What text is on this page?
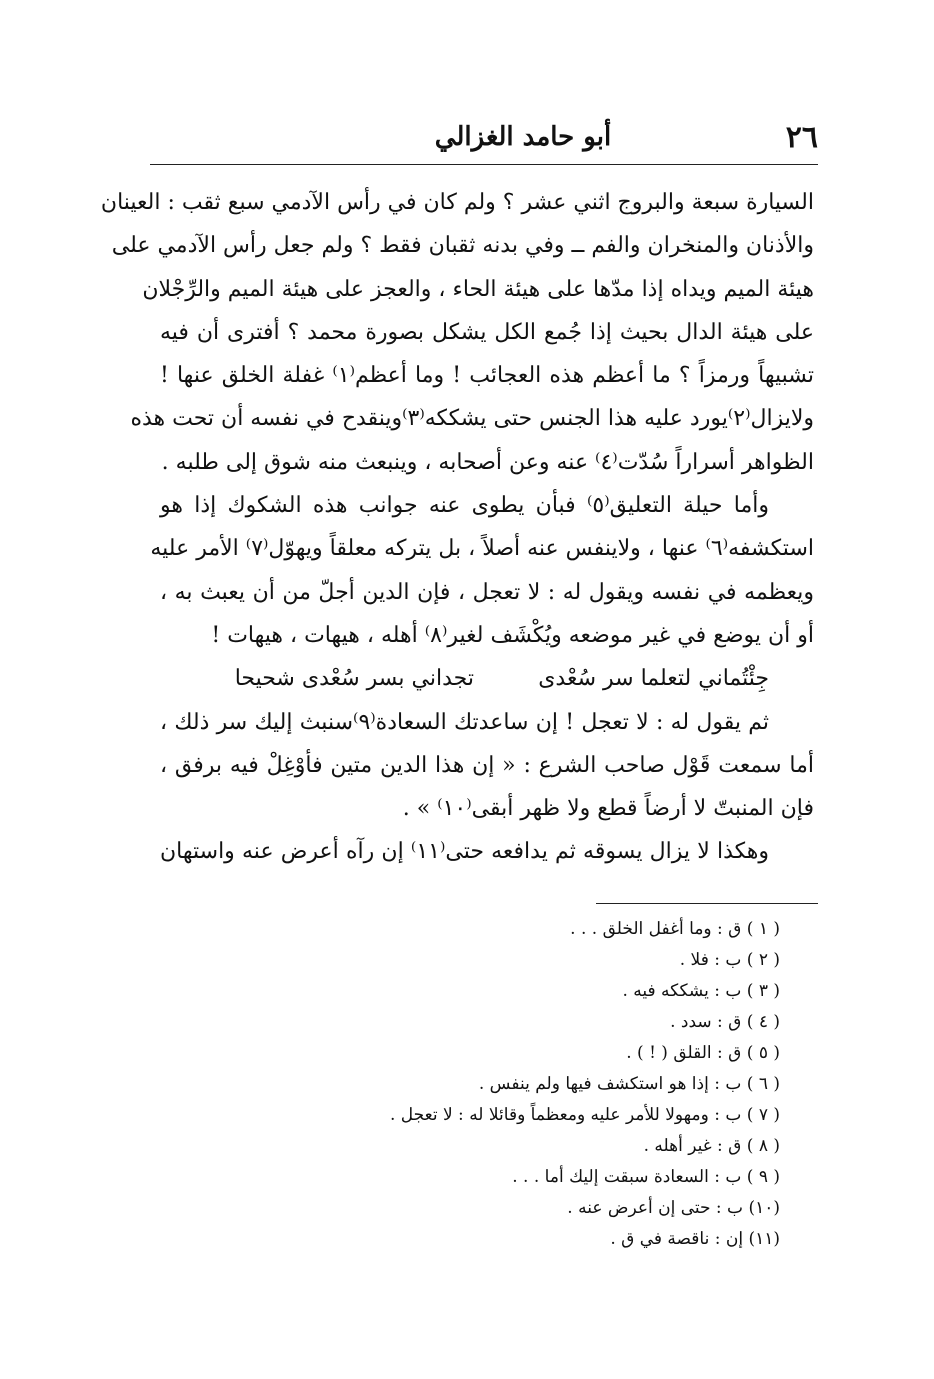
٢٦
أبو حامد الغزالي
السيارة سبعة والبروج اثني عشر ؟ ولم كان في رأس الآدمي سبع ثقب : العينان
والأذنان والمنخران والفم ــ وفي بدنه ثقبان فقط ؟ ولم جعل رأس الآدمي على
هيئة الميم ويداه إذا مدّها على هيئة الحاء ، والعجز على هيئة الميم والرِّجْلان
على هيئة الدال بحيث إذا جُمع الكل يشكل بصورة محمد ؟ أفترى أن فيه
تشبيهاً ورمزاً ؟ ما أعظم هذه العجائب ! وما أعظم⁽١⁾ غفلة الخلق عنها !
ولايزال⁽٢⁾يورد عليه هذا الجنس حتى يشككه⁽٣⁾وينقدح في نفسه أن تحت هذه
الظواهر أسراراً سُدّت⁽٤⁾ عنه وعن أصحابه ، وينبعث منه شوق إلى طلبه .
وأما حيلة التعليق⁽٥⁾ فبأن يطوى عنه جوانب هذه الشكوك إذا هو
استكشفه⁽٦⁾ عنها ، ولاينفس عنه أصلاً ، بل يتركه معلقاً ويهوّل⁽٧⁾ الأمر عليه
ويعظمه في نفسه ويقول له : لا تعجل ، فإن الدين أجلّ من أن يعبث به ،
أو أن يوضع في غير موضعه ويُكْشَف لغير⁽٨⁾ أهله ، هيهات ، هيهات !
جِئْتُماني لتعلما سر سُعْدى
تجداني بسر سُعْدى شحيحا
ثم يقول له : لا تعجل ! إن ساعدتك السعادة⁽٩⁾سنبث إليك سر ذلك ،
أما سمعت قَوْل صاحب الشرع : « إن هذا الدين متين فأوْغِلْ فيه برفق ،
فإن المنبتّ لا أرضاً قطع ولا ظهر أبقى⁽١٠⁾ » .
وهكذا لا يزال يسوقه ثم يدافعه حتى⁽١١⁾ إن رآه أعرض عنه واستهان
( ١ ) ق : وما أغفل الخلق . . .
( ٢ ) ب : فلا .
( ٣ ) ب : يشككه فيه .
( ٤ ) ق : سدد .
( ٥ ) ق : القلق ( ! ) .
( ٦ ) ب : إذا هو استكشف فيها ولم ينفس .
( ٧ ) ب : ومهولا للأمر عليه ومعظماً وقائلا له : لا تعجل .
( ٨ ) ق : غير أهله .
( ٩ ) ب : السعادة سبقت إليك أما . . .
(١٠) ب : حتى إن أعرض عنه .
(١١) إن : ناقصة في ق .
